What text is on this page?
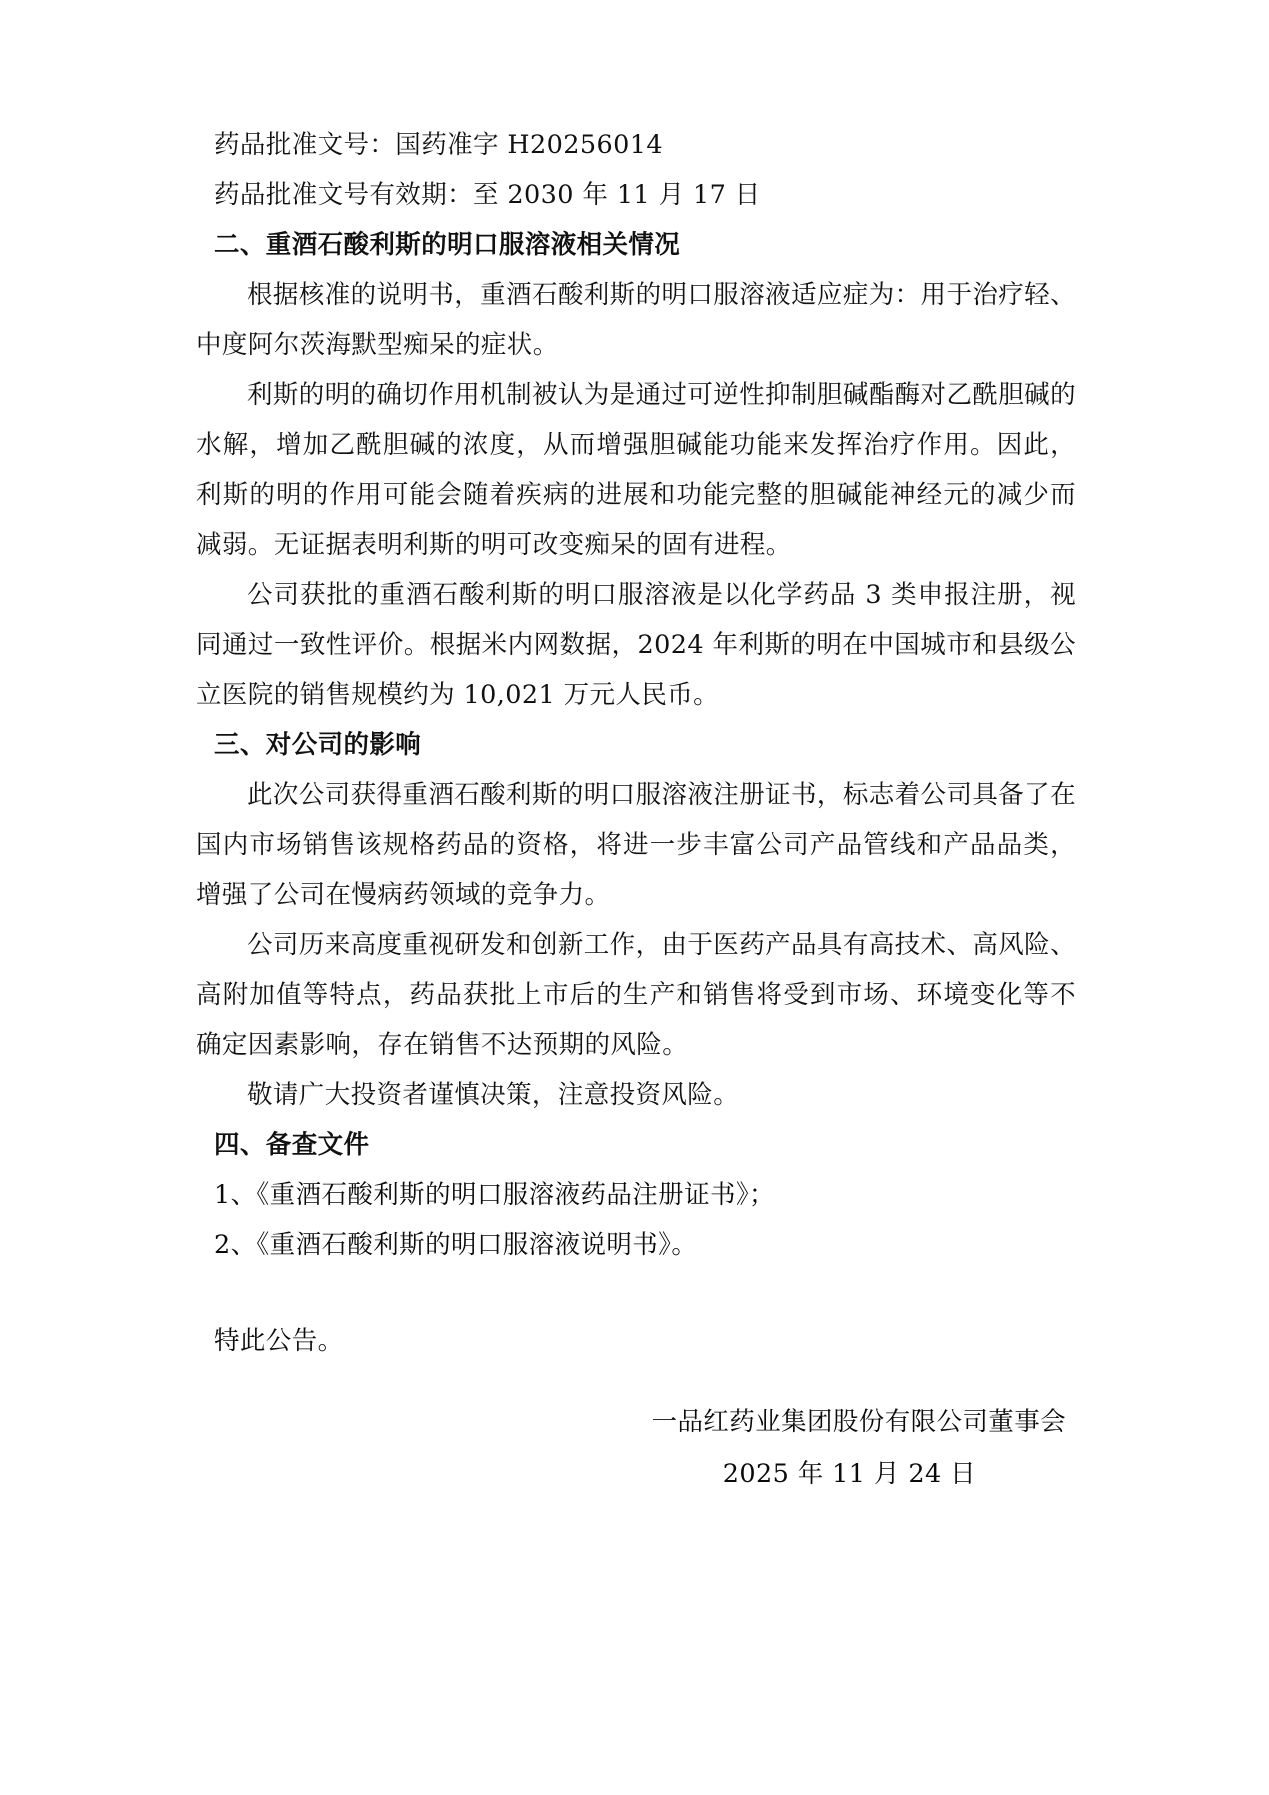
药品批准文号：国药准字 H20256014
药品批准文号有效期：至 2030 年 11 月 17 日
二、重酒石酸利斯的明口服溶液相关情况

根据核准的说明书，重酒石酸利斯的明口服溶液适应症为：用于治疗轻、中度阿尔茨海默型痴呆的症状。

利斯的明的确切作用机制被认为是通过可逆性抑制胆碱酯酶对乙酰胆碱的水解，增加乙酰胆碱的浓度，从而增强胆碱能功能来发挥治疗作用。因此，利斯的明的作用可能会随着疾病的进展和功能完整的胆碱能神经元的减少而减弱。无证据表明利斯的明可改变痴呆的固有进程。

公司获批的重酒石酸利斯的明口服溶液是以化学药品 3 类申报注册，视同通过一致性评价。根据米内网数据，2024 年利斯的明在中国城市和县级公立医院的销售规模约为 10,021 万元人民币。

三、对公司的影响

此次公司获得重酒石酸利斯的明口服溶液注册证书，标志着公司具备了在国内市场销售该规格药品的资格，将进一步丰富公司产品管线和产品品类，增强了公司在慢病药领域的竞争力。

公司历来高度重视研发和创新工作，由于医药产品具有高技术、高风险、高附加值等特点，药品获批上市后的生产和销售将受到市场、环境变化等不确定因素影响，存在销售不达预期的风险。

敬请广大投资者谨慎决策，注意投资风险。

四、备查文件
1、《重酒石酸利斯的明口服溶液药品注册证书》；
2、《重酒石酸利斯的明口服溶液说明书》。
特此公告。
一品红药业集团股份有限公司董事会
2025 年 11 月 24 日
